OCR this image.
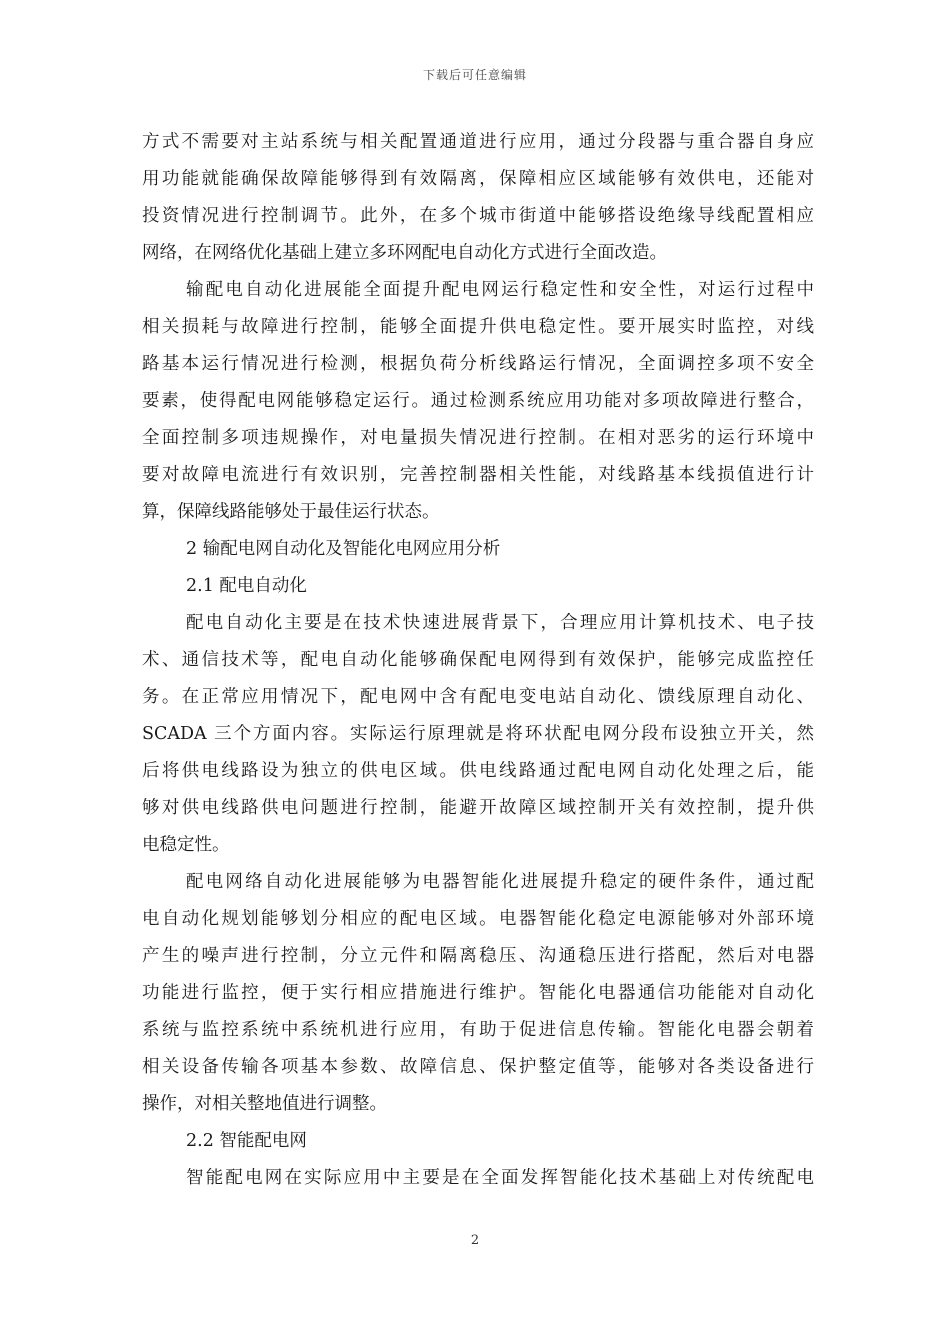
下载后可任意编辑
方式不需要对主站系统与相关配置通道进行应用，通过分段器与重合器自身应
用功能就能确保故障能够得到有效隔离，保障相应区域能够有效供电，还能对
投资情况进行控制调节。此外，在多个城市街道中能够搭设绝缘导线配置相应
网络，在网络优化基础上建立多环网配电自动化方式进行全面改造。
输配电自动化进展能全面提升配电网运行稳定性和安全性，对运行过程中
相关损耗与故障进行控制，能够全面提升供电稳定性。要开展实时监控，对线
路基本运行情况进行检测，根据负荷分析线路运行情况，全面调控多项不安全
要素，使得配电网能够稳定运行。通过检测系统应用功能对多项故障进行整合，
全面控制多项违规操作，对电量损失情况进行控制。在相对恶劣的运行环境中
要对故障电流进行有效识别，完善控制器相关性能，对线路基本线损值进行计
算，保障线路能够处于最佳运行状态。
2 输配电网自动化及智能化电网应用分析
2.1 配电自动化
配电自动化主要是在技术快速进展背景下，合理应用计算机技术、电子技
术、通信技术等，配电自动化能够确保配电网得到有效保护，能够完成监控任
务。在正常应用情况下，配电网中含有配电变电站自动化、馈线原理自动化、
SCADA 三个方面内容。实际运行原理就是将环状配电网分段布设独立开关，然
后将供电线路设为独立的供电区域。供电线路通过配电网自动化处理之后，能
够对供电线路供电问题进行控制，能避开故障区域控制开关有效控制，提升供
电稳定性。
配电网络自动化进展能够为电器智能化进展提升稳定的硬件条件，通过配
电自动化规划能够划分相应的配电区域。电器智能化稳定电源能够对外部环境
产生的噪声进行控制，分立元件和隔离稳压、沟通稳压进行搭配，然后对电器
功能进行监控，便于实行相应措施进行维护。智能化电器通信功能能对自动化
系统与监控系统中系统机进行应用，有助于促进信息传输。智能化电器会朝着
相关设备传输各项基本参数、故障信息、保护整定值等，能够对各类设备进行
操作，对相关整地值进行调整。
2.2 智能配电网
智能配电网在实际应用中主要是在全面发挥智能化技术基础上对传统配电
2
